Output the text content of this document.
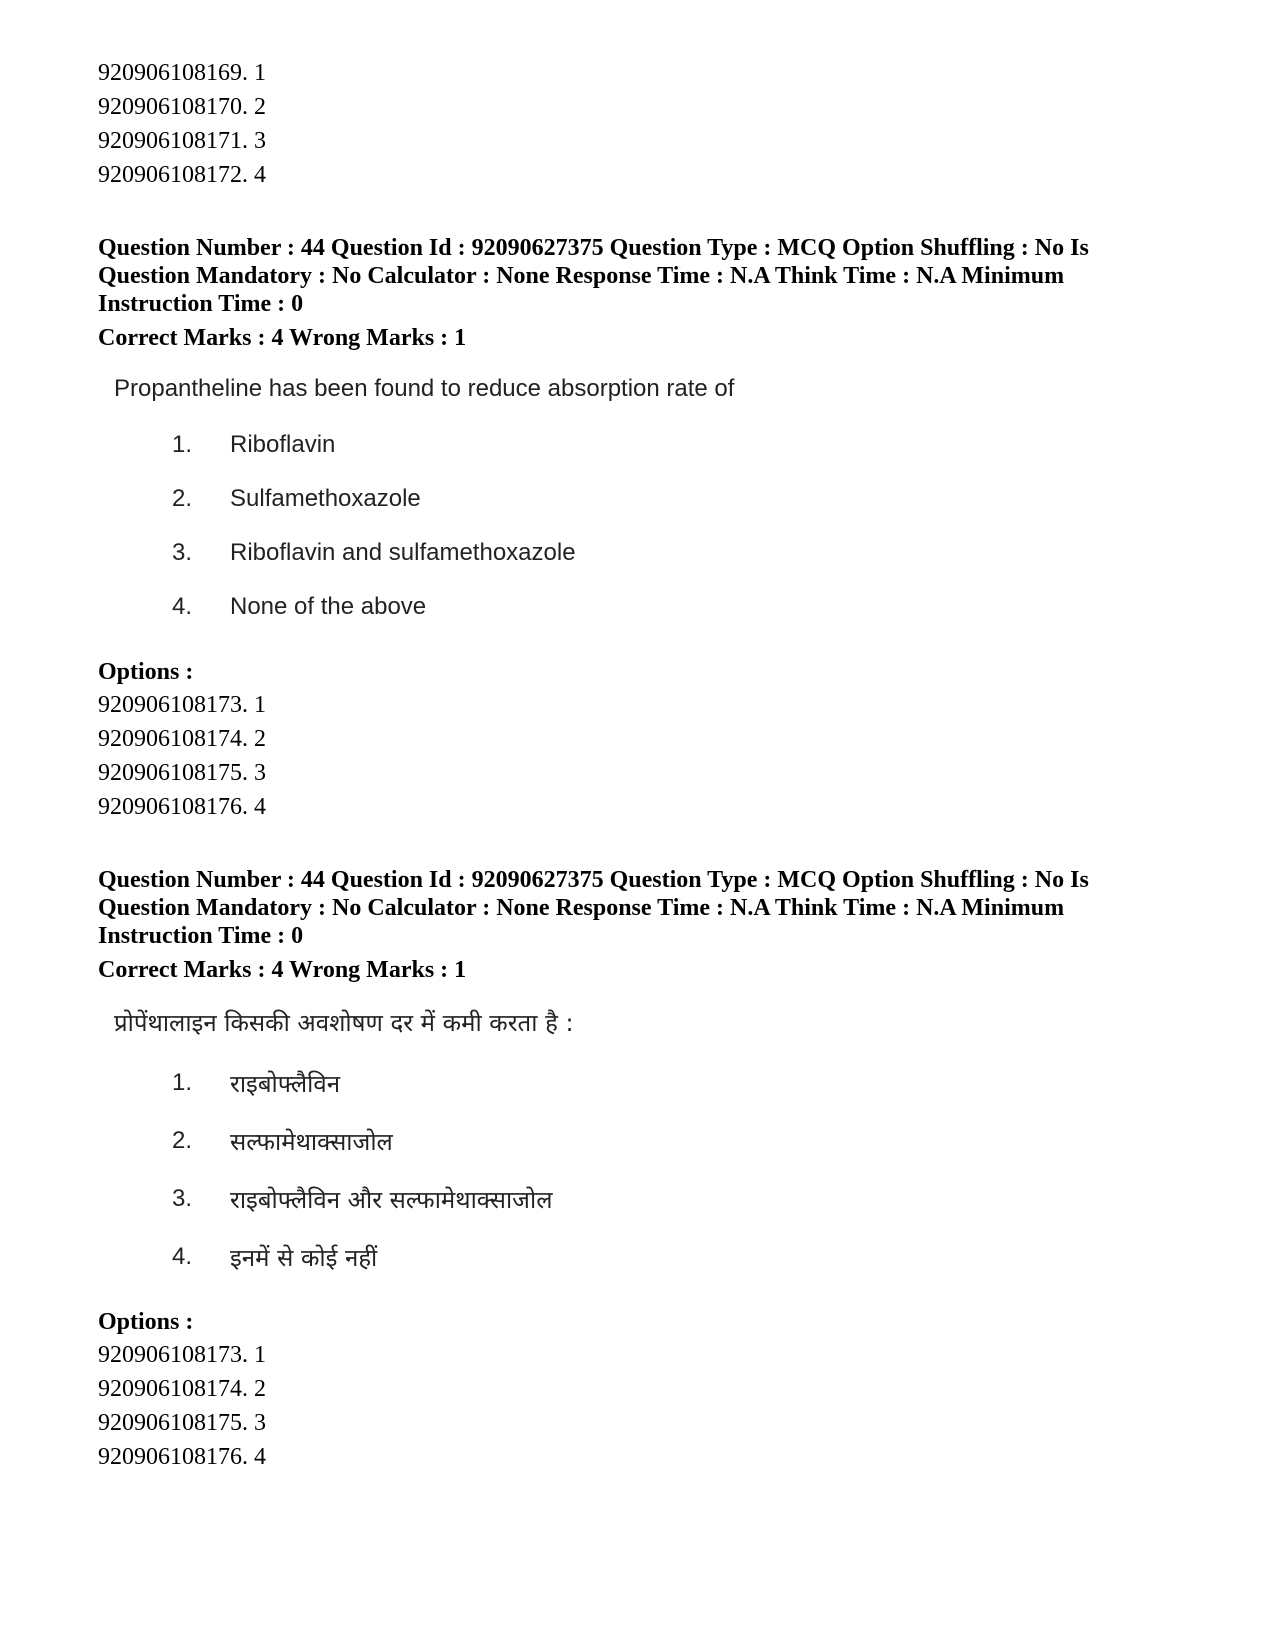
920906108169. 1
920906108170. 2
920906108171. 3
920906108172. 4
Question Number : 44 Question Id : 92090627375 Question Type : MCQ Option Shuffling : No Is
Question Mandatory : No Calculator : None Response Time : N.A Think Time : N.A Minimum
Instruction Time : 0
Correct Marks : 4 Wrong Marks : 1
Propantheline has been found to reduce absorption rate of
1.	Riboflavin
2.	Sulfamethoxazole
3.	Riboflavin and sulfamethoxazole
4.	None of the above
Options :
920906108173. 1
920906108174. 2
920906108175. 3
920906108176. 4
Question Number : 44 Question Id : 92090627375 Question Type : MCQ Option Shuffling : No Is
Question Mandatory : No Calculator : None Response Time : N.A Think Time : N.A Minimum
Instruction Time : 0
Correct Marks : 4 Wrong Marks : 1
प्रोपेंथालाइन किसकी अवशोषण दर में कमी करता है :
1.	राइबोफ्लैविन
2.	सल्फामेथाक्साजोल
3.	राइबोफ्लैविन और सल्फामेथाक्साजोल
4.	इनमें से कोई नहीं
Options :
920906108173. 1
920906108174. 2
920906108175. 3
920906108176. 4
